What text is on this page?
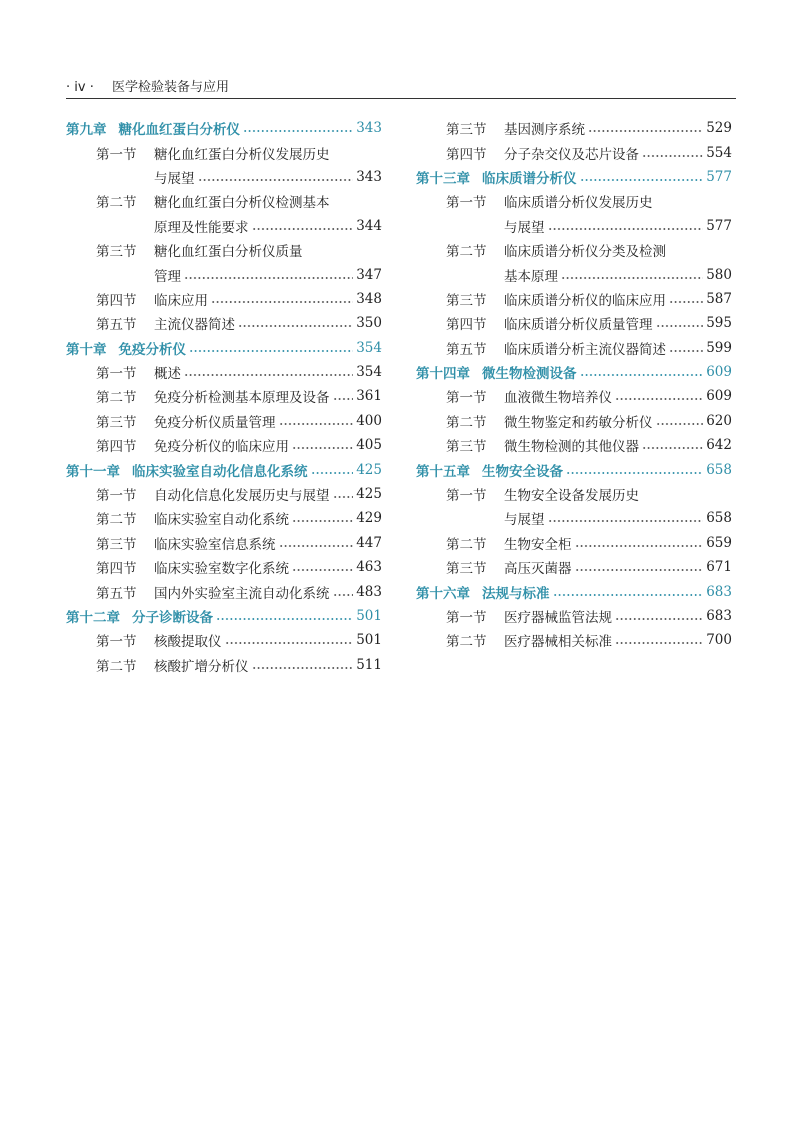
· iv · 医学检验装备与应用
第九章 糖化血红蛋白分析仪	343
第一节	糖化血红蛋白分析仪发展历史
与展望	343
第二节	糖化血红蛋白分析仪检测基本
原理及性能要求	344
第三节	糖化血红蛋白分析仪质量
管理	347
第四节	临床应用	348
第五节	主流仪器简述	350
第十章 免疫分析仪	354
第一节	概述	354
第二节	免疫分析检测基本原理及设备 361
第三节	免疫分析仪质量管理	400
第四节	免疫分析仪的临床应用	405
第十一章 临床实验室自动化信息化系统	425
第一节	自动化信息化发展历史与展望 425
第二节	临床实验室自动化系统	429
第三节	临床实验室信息系统	447
第四节	临床实验室数字化系统	463
第五节	国内外实验室主流自动化系统 483
第十二章 分子诊断设备	501
第一节	核酸提取仪	501
第二节	核酸扩增分析仪	511
第三节	基因测序系统	529
第四节	分子杂交仪及芯片设备	554
第十三章 临床质谱分析仪	577
第一节	临床质谱分析仪发展历史
与展望	577
第二节	临床质谱分析仪分类及检测
基本原理	580
第三节	临床质谱分析仪的临床应用	587
第四节	临床质谱分析仪质量管理	595
第五节	临床质谱分析主流仪器简述	599
第十四章 微生物检测设备	609
第一节	血液微生物培养仪	609
第二节	微生物鉴定和药敏分析仪	620
第三节	微生物检测的其他仪器	642
第十五章 生物安全设备	658
第一节	生物安全设备发展历史
与展望	658
第二节	生物安全柜	659
第三节	高压灭菌器	671
第十六章 法规与标准	683
第一节	医疗器械监管法规	683
第二节	医疗器械相关标准	700
